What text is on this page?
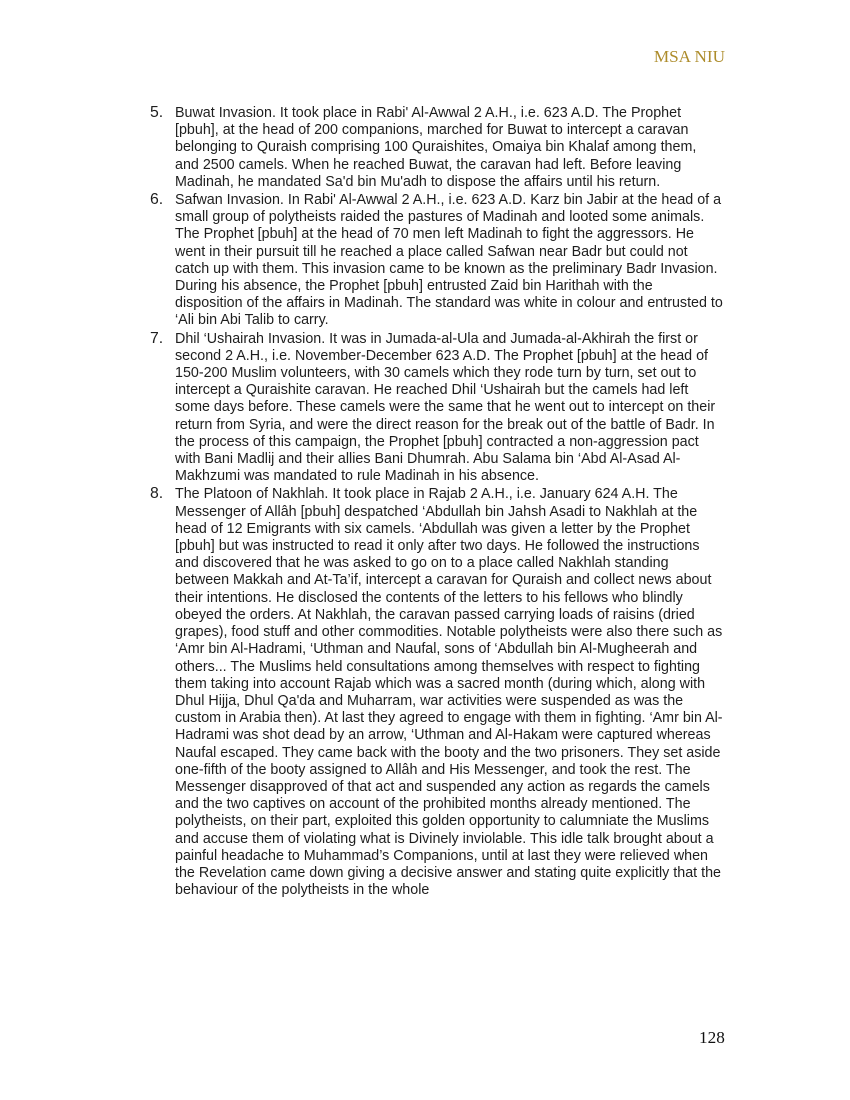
MSA NIU
5. Buwat Invasion. It took place in Rabi' Al-Awwal 2 A.H., i.e. 623 A.D. The Prophet [pbuh], at the head of 200 companions, marched for Buwat to intercept a caravan belonging to Quraish comprising 100 Quraishites, Omaiya bin Khalaf among them, and 2500 camels. When he reached Buwat, the caravan had left. Before leaving Madinah, he mandated Sa'd bin Mu'adh to dispose the affairs until his return.
6. Safwan Invasion. In Rabi' Al-Awwal 2 A.H., i.e. 623 A.D. Karz bin Jabir at the head of a small group of polytheists raided the pastures of Madinah and looted some animals. The Prophet [pbuh] at the head of 70 men left Madinah to fight the aggressors. He went in their pursuit till he reached a place called Safwan near Badr but could not catch up with them. This invasion came to be known as the preliminary Badr Invasion. During his absence, the Prophet [pbuh] entrusted Zaid bin Harithah with the disposition of the affairs in Madinah. The standard was white in colour and entrusted to ‘Ali bin Abi Talib to carry.
7. Dhil ‘Ushairah Invasion. It was in Jumada-al-Ula and Jumada-al-Akhirah the first or second 2 A.H., i.e. November-December 623 A.D. The Prophet [pbuh] at the head of 150-200 Muslim volunteers, with 30 camels which they rode turn by turn, set out to intercept a Quraishite caravan. He reached Dhil ‘Ushairah but the camels had left some days before. These camels were the same that he went out to intercept on their return from Syria, and were the direct reason for the break out of the battle of Badr. In the process of this campaign, the Prophet [pbuh] contracted a non-aggression pact with Bani Madlij and their allies Bani Dhumrah. Abu Salama bin ‘Abd Al-Asad Al-Makhzumi was mandated to rule Madinah in his absence.
8. The Platoon of Nakhlah. It took place in Rajab 2 A.H., i.e. January 624 A.H. The Messenger of Allâh [pbuh] despatched ‘Abdullah bin Jahsh Asadi to Nakhlah at the head of 12 Emigrants with six camels. ‘Abdullah was given a letter by the Prophet [pbuh] but was instructed to read it only after two days. He followed the instructions and discovered that he was asked to go on to a place called Nakhlah standing between Makkah and At-Ta’if, intercept a caravan for Quraish and collect news about their intentions. He disclosed the contents of the letters to his fellows who blindly obeyed the orders. At Nakhlah, the caravan passed carrying loads of raisins (dried grapes), food stuff and other commodities. Notable polytheists were also there such as ‘Amr bin Al-Hadrami, ‘Uthman and Naufal, sons of ‘Abdullah bin Al-Mugheerah and others... The Muslims held consultations among themselves with respect to fighting them taking into account Rajab which was a sacred month (during which, along with Dhul Hijja, Dhul Qa'da and Muharram, war activities were suspended as was the custom in Arabia then). At last they agreed to engage with them in fighting. ‘Amr bin Al-Hadrami was shot dead by an arrow, ‘Uthman and Al-Hakam were captured whereas Naufal escaped. They came back with the booty and the two prisoners. They set aside one-fifth of the booty assigned to Allâh and His Messenger, and took the rest. The Messenger disapproved of that act and suspended any action as regards the camels and the two captives on account of the prohibited months already mentioned. The polytheists, on their part, exploited this golden opportunity to calumniate the Muslims and accuse them of violating what is Divinely inviolable. This idle talk brought about a painful headache to Muhammad’s Companions, until at last they were relieved when the Revelation came down giving a decisive answer and stating quite explicitly that the behaviour of the polytheists in the whole
128
